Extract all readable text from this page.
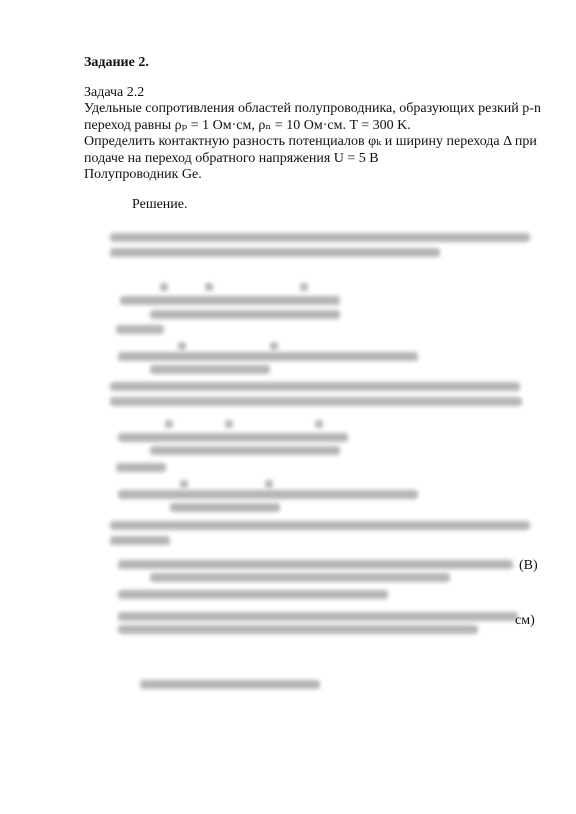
Задание 2.
Задача 2.2
Удельные сопротивления областей полупроводника, образующих резкий p-n
переход равны ρₚ = 1 Ом·см, ρₙ = 10 Ом·см. T = 300 K.
Определить контактную разность потенциалов φₖ и ширину перехода Δ при
подаче на переход обратного напряжения U = 5 В
Полупроводник Ge.
Решение.
(В)
см)
